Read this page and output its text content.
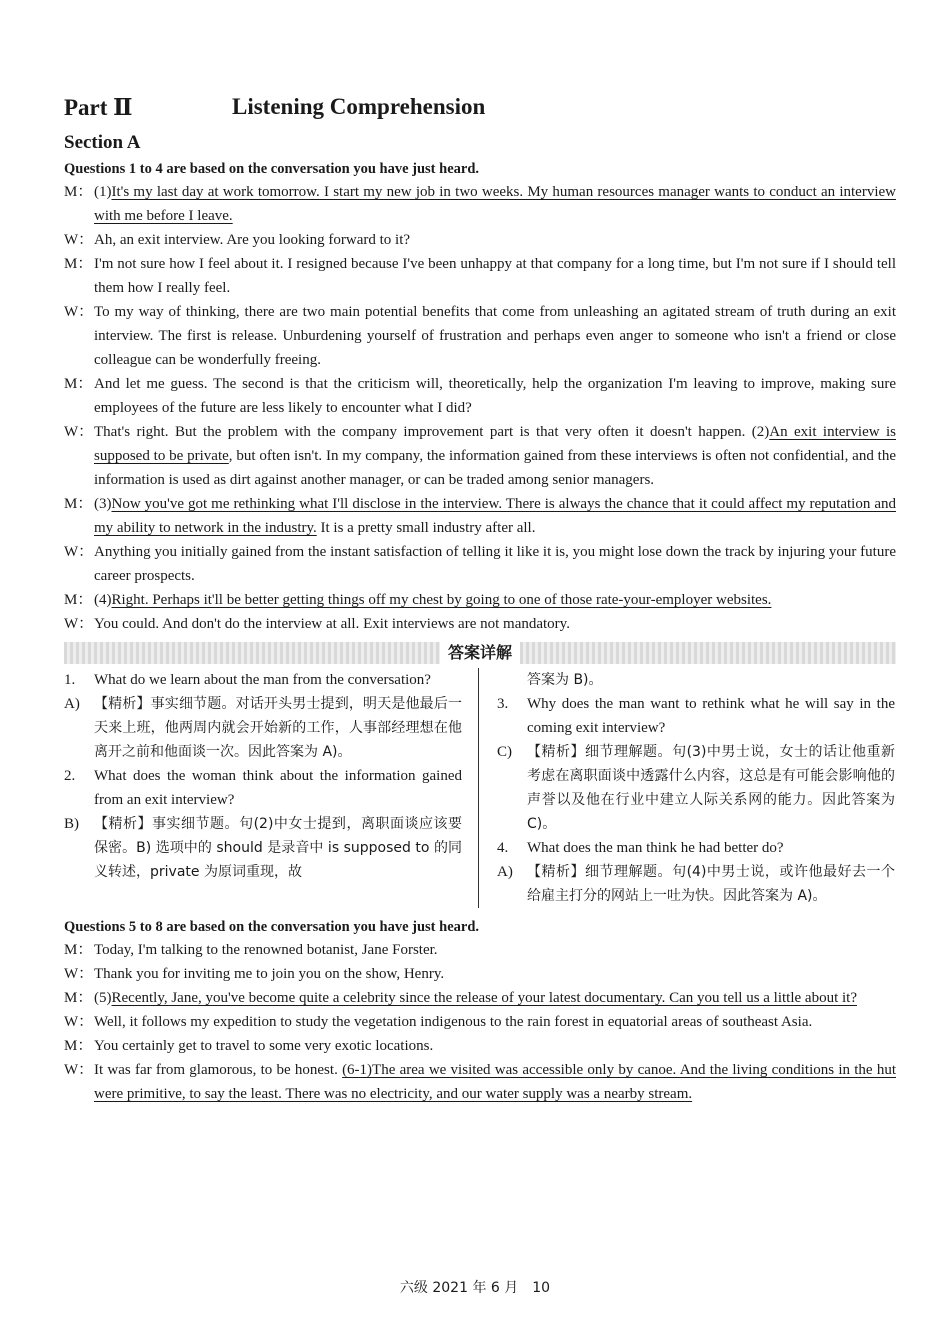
Part Ⅱ	Listening Comprehension
Section A
Questions 1 to 4 are based on the conversation you have just heard.
M： (1)It's my last day at work tomorrow. I start my new job in two weeks. My human resources manager wants to conduct an interview with me before I leave.
W： Ah, an exit interview. Are you looking forward to it?
M： I'm not sure how I feel about it. I resigned because I've been unhappy at that company for a long time, but I'm not sure if I should tell them how I really feel.
W： To my way of thinking, there are two main potential benefits that come from unleashing an agitated stream of truth during an exit interview. The first is release. Unburdening yourself of frustration and perhaps even anger to someone who isn't a friend or close colleague can be wonderfully freeing.
M： And let me guess. The second is that the criticism will, theoretically, help the organization I'm leaving to improve, making sure employees of the future are less likely to encounter what I did?
W： That's right. But the problem with the company improvement part is that very often it doesn't happen. (2)An exit interview is supposed to be private, but often isn't. In my company, the information gained from these interviews is often not confidential, and the information is used as dirt against another manager, or can be traded among senior managers.
M： (3)Now you've got me rethinking what I'll disclose in the interview. There is always the chance that it could affect my reputation and my ability to network in the industry. It is a pretty small industry after all.
W： Anything you initially gained from the instant satisfaction of telling it like it is, you might lose down the track by injuring your future career prospects.
M： (4)Right. Perhaps it'll be better getting things off my chest by going to one of those rate-your-employer websites.
W： You could. And don't do the interview at all. Exit interviews are not mandatory.
答案详解
1.	What do we learn about the man from the conversation?
A)	【精析】事实细节题。对话开头男士提到，明天是他最后一天来上班，他两周内就会开始新的工作，人事部经理想在他离开之前和他面谈一次。因此答案为 A)。
2.	What does the woman think about the information gained from an exit interview?
B)	【精析】事实细节题。句(2)中女士提到，离职面谈应该要保密。B) 选项中的 should 是录音中 is supposed to 的同义转述，private 为原词重现，故
答案为 B)。
3.	Why does the man want to rethink what he will say in the coming exit interview?
C)	【精析】细节理解题。句(3)中男士说，女士的话让他重新考虑在离职面谈中透露什么内容，这总是有可能会影响他的声誉以及他在行业中建立人际关系网的能力。因此答案为 C)。
4.	What does the man think he had better do?
A)	【精析】细节理解题。句(4)中男士说，或许他最好去一个给雇主打分的网站上一吐为快。因此答案为 A)。
Questions 5 to 8 are based on the conversation you have just heard.
M： Today, I'm talking to the renowned botanist, Jane Forster.
W： Thank you for inviting me to join you on the show, Henry.
M： (5)Recently, Jane, you've become quite a celebrity since the release of your latest documentary. Can you tell us a little about it?
W： Well, it follows my expedition to study the vegetation indigenous to the rain forest in equatorial areas of southeast Asia.
M： You certainly get to travel to some very exotic locations.
W： It was far from glamorous, to be honest. (6-1)The area we visited was accessible only by canoe. And the living conditions in the hut were primitive, to say the least. There was no electricity, and our water supply was a nearby stream.
六级 2021 年 6 月　10
